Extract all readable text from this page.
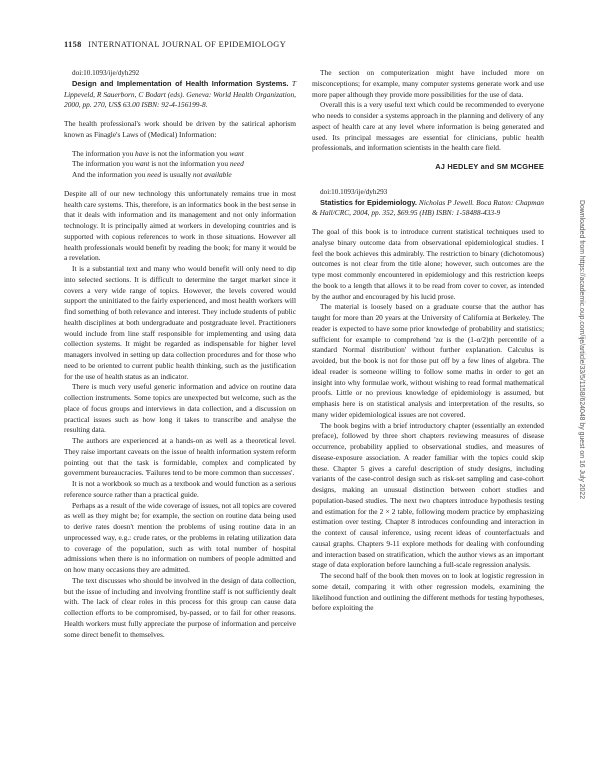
1158 INTERNATIONAL JOURNAL OF EPIDEMIOLOGY

doi:10.1093/ije/dyh292

Design and Implementation of Health Information Systems. T Lippeveld, R Sauerborn, C Bodart (eds). Geneva: World Health Organization, 2000, pp. 270, US$ 63.00 ISBN: 92-4-156199-8.

The health professional's work should be driven by the satirical aphorism known as Finagle's Laws of (Medical) Information:

The information you have is not the information you want

The information you want is not the information you need

And the information you need is usually not available

Despite all of our new technology this unfortunately remains true in most health care systems. This, therefore, is an informatics book in the best sense in that it deals with information and its management and not only information technology. It is principally aimed at workers in developing countries and is supported with copious references to work in those situations. However all health professionals would benefit by reading the book; for many it would be a revelation.

It is a substantial text and many who would benefit will only need to dip into selected sections. It is difficult to determine the target market since it covers a very wide range of topics. However, the levels covered would support the uninitiated to the fairly experienced, and most health workers will find something of both relevance and interest. They include students of public health disciplines at both undergraduate and postgraduate level. Practitioners would include from line staff responsible for implementing and using data collection systems. It might be regarded as indispensable for higher level managers involved in setting up data collection procedures and for those who need to be oriented to current public health thinking, such as the justification for the use of health status as an indicator.

There is much very useful generic information and advice on routine data collection instruments. Some topics are unexpected but welcome, such as the place of focus groups and interviews in data collection, and a discussion on practical issues such as how long it takes to transcribe and analyse the resulting data.

The authors are experienced at a hands-on as well as a theoretical level. They raise important caveats on the issue of health information system reform pointing out that the task is formidable, complex and complicated by government bureaucracies. 'Failures tend to be more common than successes'.

It is not a workbook so much as a textbook and would function as a serious reference source rather than a practical guide.

Perhaps as a result of the wide coverage of issues, not all topics are covered as well as they might be; for example, the section on routine data being used to derive rates doesn't mention the problems of using routine data in an unprocessed way, e.g.: crude rates, or the problems in relating utilization data to coverage of the population, such as with total number of hospital admissions when there is no information on numbers of people admitted and on how many occasions they are admitted.

The text discusses who should be involved in the design of data collection, but the issue of including and involving frontline staff is not sufficiently dealt with. The lack of clear roles in this process for this group can cause data collection efforts to be compromised, by-passed, or to fail for other reasons. Health workers must fully appreciate the purpose of information and perceive some direct benefit to themselves.

The section on computerization might have included more on misconceptions; for example, many computer systems generate work and use more paper although they provide more possibilities for the use of data.

Overall this is a very useful text which could be recommended to everyone who needs to consider a systems approach in the planning and delivery of any aspect of health care at any level where information is being generated and used. Its principal messages are essential for clinicians, public health professionals, and information scientists in the health care field.

AJ HEDLEY and SM MCGHEE

doi:10.1093/ije/dyh293

Statistics for Epidemiology. Nicholas P Jewell. Boca Raton: Chapman & Hall/CRC, 2004, pp. 352, $69.95 (HB) ISBN: 1-58488-433-9

The goal of this book is to introduce current statistical techniques used to analyse binary outcome data from observational epidemiological studies. I feel the book achieves this admirably. The restriction to binary (dichotomous) outcomes is not clear from the title alone; however, such outcomes are the type most commonly encountered in epidemiology and this restriction keeps the book to a length that allows it to be read from cover to cover, as intended by the author and encouraged by his lucid prose.

The material is loosely based on a graduate course that the author has taught for more than 20 years at the University of California at Berkeley. The reader is expected to have some prior knowledge of probability and statistics; sufficient for example to comprehend 'zα is the (1-α/2)th percentile of a standard Normal distribution' without further explanation. Calculus is avoided, but the book is not for those put off by a few lines of algebra. The ideal reader is someone willing to follow some maths in order to get an insight into why formulae work, without wishing to read formal mathematical proofs. Little or no previous knowledge of epidemiology is assumed, but emphasis here is on statistical analysis and interpretation of the results, so many wider epidemiological issues are not covered.

The book begins with a brief introductory chapter (essentially an extended preface), followed by three short chapters reviewing measures of disease occurrence, probability applied to observational studies, and measures of disease-exposure association. A reader familiar with the topics could skip these. Chapter 5 gives a careful description of study designs, including variants of the case-control design such as risk-set sampling and case-cohort designs, making an unusual distinction between cohort studies and population-based studies. The next two chapters introduce hypothesis testing and estimation for the 2 × 2 table, following modern practice by emphasizing estimation over testing. Chapter 8 introduces confounding and interaction in the context of causal inference, using recent ideas of counterfactuals and causal graphs. Chapters 9-11 explore methods for dealing with confounding and interaction based on stratification, which the author views as an important stage of data exploration before launching a full-scale regression analysis.

The second half of the book then moves on to look at logistic regression in some detail, comparing it with other regression models, examining the likelihood function and outlining the different methods for testing hypotheses, before exploiting the

Downloaded from https://academic.oup.com/ije/article/33/5/1158/624048 by guest on 16 July 2022
